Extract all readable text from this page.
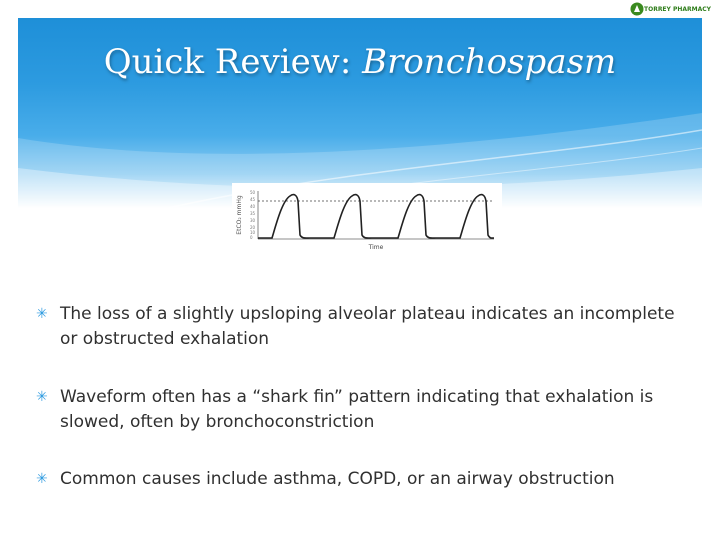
TORREY PHARMACY
Quick Review: Bronchospasm
EtCO₂ mmHg
50
45
40
35
30
20
10
0
Time
✳ The loss of a slightly upsloping alveolar plateau indicates an incomplete or obstructed exhalation
✳ Waveform often has a “shark fin” pattern indicating that exhalation is slowed, often by bronchoconstriction
✳ Common causes include asthma, COPD, or an airway obstruction
